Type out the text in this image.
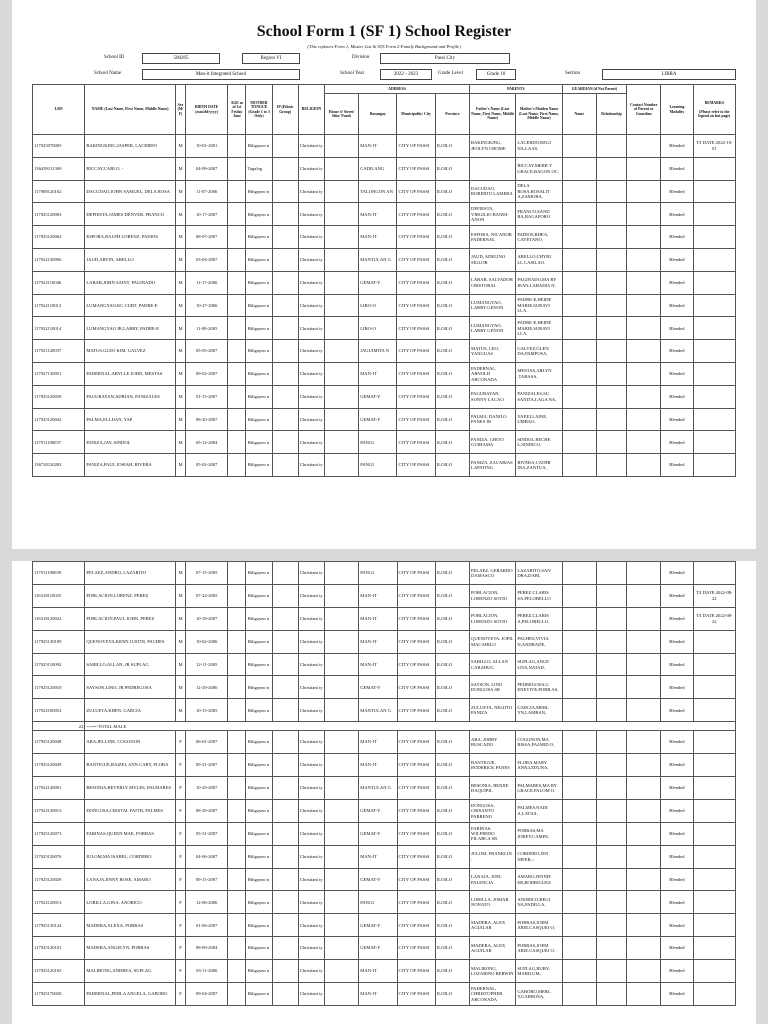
School Form 1 (SF 1) School Register
(This replaces Form 1, Master List & STS Form 2-Family Background and Profile)
School ID	500205	Region VI	Division	Passi City
School Name	Man-it Integrated School	School Year	2022 - 2023	Grade Level	Grade 10	Section	LIBRA
LRN	NAME (Last Name, First Name, Middle Name)	Sex (M/F)	BIRTH DATE (mm/dd/yyyy)	AGE as of 1st Friday June	MOTHER TONGUE (Grade 1 to 3 Only)	IP (Ethnic Group)	RELIGION	ADDRESS				PARENTS		GUARDIAN (if Not Parent)		Contact Number of Parent or Guardian	Learning Modality	REMARKS

(Please refer to the legend on last page)
								House #/ Street/ Sitio/ Purok	Barangay	Municipality/ City	Province	Father's Name (Last Name, First Name, Middle Name)	Mother's Maiden Name (Last Name, First Name, Middle Name)	Name	Relationship			
117925070005	BAKINGKING,JASPER, LACERDO	M	10-01-2001		Hiligayno n		Christiani ty		MAN-IT	CITY OF PASSI	ILOILO	BAKINGKING, JEOLYN CHOME	LACERDO,REGI NA,LAAS,				Blended	T/I DATE:2022-10-01
136439131369	BICCAY,CARLO, -	M	04-09-2007		Tagalog		Christiani ty		CADILANG	CITY OF PASSI	ILOILO		BICCAY,MERR Y GRACE,BAGON OC,				Blended	
117908120162	DACUDAO,JOHN SAMUEL, DELA ROSA	M	11-07-2006		Hiligayno n		Christiani ty		TALONGON AN	CITY OF PASSI	ILOILO	DACUDAO, ROBERTO LAMERA	DELA ROSA,ROSALIT A,ZAMORA,				Blended	
117925120003	DEFIESTA,JAMES DENVER, FRANCO	M	10-17-2007		Hiligayno n		Christiani ty		MAN-IT	CITY OF PASSI	ILOILO	DEFIESTA, VIRGILIO BANDI-ANON	FRANCO,SAND RA,BAGAFORO				Blended	
117925120062	ESPORA,RALPH LORENZ, PADIOS	M	08-07-2007		Hiligayno n		Christiani ty		MAN-IT	CITY OF PASSI	ILOILO	ESPORA, NICANOR PADERNAL	PADIOS,RHEA, CAYETANO,				Blended	
117922130006	JAUD,ARVIN, ABELLO	M	03-04-2007		Hiligayno n		Christiani ty		MANTULAN G	CITY OF PASSI	ILOILO	JAUD, ADELINO SIGLOB	ABELLO,CHYRI LL,CASILAO,				Blended	
117922110046	LABAR,JOHN SAINT, PAGINADO	M	11-17-2006		Hiligayno n		Christiani ty		GEMAT-Y	CITY OF PASSI	ILOILO	LABAR, SALVADOR CRISTOBAL	PAGINADO,MA RY JEAN,LABADIA N,				Blended	
117922110013	LUMANGYAO,KC CURT, PADRE-E	M	10-27-2006		Hiligayno n		Christiani ty		LIBO-O	CITY OF PASSI	ILOILO	LUMANGYAO, LARRY GENON	PADRE-E,HEIDE MARIE,SURAVI LLA,				Blended	
117922110014	LUMANGYAO JR,LARRY, PADRE-E	M	11-08-2005		Hiligayno n		Christiani ty		LIBO-O	CITY OF PASSI	ILOILO	LUMANGYAO, LARRY GENON	PADRE-E,HEIDE MARIE,SURAVI LLA,				Blended	
117921120037	MATUS,GLEO KIM, GALVEZ	M	05-05-2007		Hiligayno n		Christiani ty		JAGUIMITA N	CITY OF PASSI	ILOILO	MATUS, LEO, YANGUAS	GALVEZ,GLEN DA,PAMPOSA,				Blended	
117927130051	PADERNAL,ARYLLE JOHN, MESTAS	M	09-02-2007		Hiligayno n		Christiani ty		MAN-IT	CITY OF PASSI	ILOILO	PADERNAL, ARNOLD ARCONADA	MESTAS,ARLYN ,TABASA,				Blended	
117925120039	PAGURAYAN,ADRIAN, PANIZALES	M	01-15-2007		Hiligayno n		Christiani ty		GEMAT-Y	CITY OF PASSI	ILOILO	PAGURAYAN, SONNY LACAO	PANIZALES,SU SANITA,LAGA NA,				Blended	
117925120042	PALMA,ELLDAN, YAP	M	08-20-2007		Hiligayno n		Christiani ty		GEMAT-Y	CITY OF PASSI	ILOILO	PALMA, DANILO PANES JR	YAP,ELLAINE, UMBAO,				Blended	
117911100037	PANIZA,JAY, SINDOL	M	05-12-2004		Hiligayno n		Christiani ty		PANGI	CITY OF PASSI	ILOILO	PANIZA, CHITO GUIHAMA	SINDOL,RECHE L,SINDICO,				Blended	
136720120282	PANIZA,PAUL JOSIAH, RIVERA	M	05-02-2007		Hiligayno n		Christiani ty		PANGI	CITY OF PASSI	ILOILO	PANIZA, ZACARIAS LAPATING	RIVERA,CATHR INA,ZANTUA,				Blended	
117911100039	PELAEZ,ANDRO, LAZARITO	M	07-15-2005		Hiligayno n		Christiani ty		PANGI	CITY OF PASSI	ILOILO	PELAEZ, GERARDO DAMASCO	LAZARITO,SAN DRA,DABI,				Blended	
116318110025	POBLACION,LORENZ, PEREZ	M	07-24-2005		Hiligayno n		Christiani ty		MAN-IT	CITY OF PASSI	ILOILO	POBLACION, LORENZO SOTIO	PEREZ,CLARIS SA,PELOBELLO				Blended	T/I DATE:2022-08-22
116318120022	POBLACION,PAUL JOHN, PEREZ	M	10-18-2007		Hiligayno n		Christiani ty		MAN-IT	CITY OF PASSI	ILOILO	POBLACION, LORENZO SOTIO	PEREZ,CLARIS A,PELOBELLO,				Blended	T/I DATE:2022-08-22
117925130109	QUENOVEVA,KENN JUSTIN, PACHES	M	10-02-2006		Hiligayno n		Christiani ty		MAN-IT	CITY OF PASSI	ILOILO	QUENOVEVA, JOFIL MACAHILO	PACHES,VIVIA N,ANDRADE,				Blended	
117925110092	SABILLO,ALLAN, JR SUPLAG	M	12-11-2005		Hiligayno n		Christiani ty		MAN-IT	CITY OF PASSI	ILOILO	SABILLO, ALLAN CABAHUG	SUPLAG,ANGE LITA,NATAD,				Blended	
117925120010	SAYSON,LINO, JR PEDREGOSA	M	12-29-2006		Hiligayno n		Christiani ty		GEMAT-Y	CITY OF PASSI	ILOILO	SAYSON, LINO DONGOSA SR	PEDREGOSA,G ENEVIVE,POBR AS,				Blended	
117922100052	ZULUETA,KHEN, GARCIA	M	10-15-2005		Hiligayno n		Christiani ty		MANTULAN G	CITY OF PASSI	ILOILO	ZULUETA, NELIITO PANIZA	GARCIA,MERL YN,LAMBAN,				Blended	
22	<=== TOTAL MALE																	
117925120048	ABA,JELLINE, COGONON	F	06-01-2007		Hiligayno n		Christiani ty		MAN-IT	CITY OF PASSI	ILOILO	ABA, JORRY BUSCADO	COGONON,MA RISSA,FAJARD O,				Blended	
117925120049	BANTIGUE,RAIZEL ANN CARY, FLORA	F	09-21-2007		Hiligayno n		Christiani ty		MAN-IT	CITY OF PASSI	ILOILO	BANTIGUE, RODERICK PANES	FLORA,MARY ANN,LEDUNA,				Blended	
117922140001	BESONIA,BEVERLY MYLES, PALMARES	F	10-29-2007		Hiligayno n		Christiani ty		MANTULAN G	CITY OF PASSI	ILOILO	BESONIA, BENJIE DAQUIPIL	PALMARES,MA RY GRACE,PALOM O,				Blended	
117922130013	DONGOSA,CRISTAL FAITH, PALMES	F	08-29-2007		Hiligayno n		Christiani ty		GEMAT-Y	CITY OF PASSI	ILOILO	DONGOSA, CRISANTO PARRENO	PALMES,NADI A,LATIGI,				Blended	
117925120073	FARINAS,QUEEN MAE, PORRAS	F	05-31-2007		Hiligayno n		Christiani ty		GEMAT-Y	CITY OF PASSI	ILOILO	FARINAS, WILFREDO FILABCA SR	PORRAS,MA JOREY,CAMPE,				Blended	
117925120076	JULOM,MA ISABEL, CORDERO	F	04-06-2007		Hiligayno n		Christiani ty		MAN-IT	CITY OF PASSI	ILOILO	JULOM, FRANKLIN -	CORDERO,JEN NIFER,-,				Blended	
117925120029	LANAJA,JINNY ROSE, AMARO	F	09-15-2007		Hiligayno n		Christiani ty		GEMAT-Y	CITY OF PASSI	ILOILO	LANAJA, JOEL PALENCIA	AMARO,JENNIF ER,RODRIGUEZ				Blended	
117922120013	LORILLA,GINA, ANORICO	F	12-06-2006		Hiligayno n		Christiani ty		PANGI	CITY OF PASSI	ILOILO	LORILLA, JOMAR NONATO	ANORICO,REGI NA,PADILLA,				Blended	
117925130124	MADERA,ALEXA, PORRAS	F	01-06-2007		Hiligayno n		Christiani ty		GEMAT-Y	CITY OF PASSI	ILOILO	MADERA, ALEX AGUILAR	PORRAS,JOEM ARIE,CASQUEJ O,				Blended	
117925120101	MADERA,ANGELYN, PORRAS	F	08-09-2004		Hiligayno n		Christiani ty		GEMAT-Y	CITY OF PASSI	ILOILO	MADERA, ALEX AGUILAR	PORRAS,JOEM ARIE,CASQUEJ O,				Blended	
117925120165	MALIRONG,ANDREA, SUPLAG	F	03-11-2006		Hiligayno n		Christiani ty		MAN-IT	CITY OF PASSI	ILOILO	MALIRONG, LOZARINO BERWIN	SUPLAG,RUBY, MABILUM,				Blended	
117925170020	PADERNAL,PERLA ANGELA, GABORO	F	09-04-2007		Hiligayno n		Christiani ty		MAN-IT	CITY OF PASSI	ILOILO	PADERNAL, CHRISTOPHER ARCONADA	GABORO,MERL Y,GARBOSA,				Blended	
